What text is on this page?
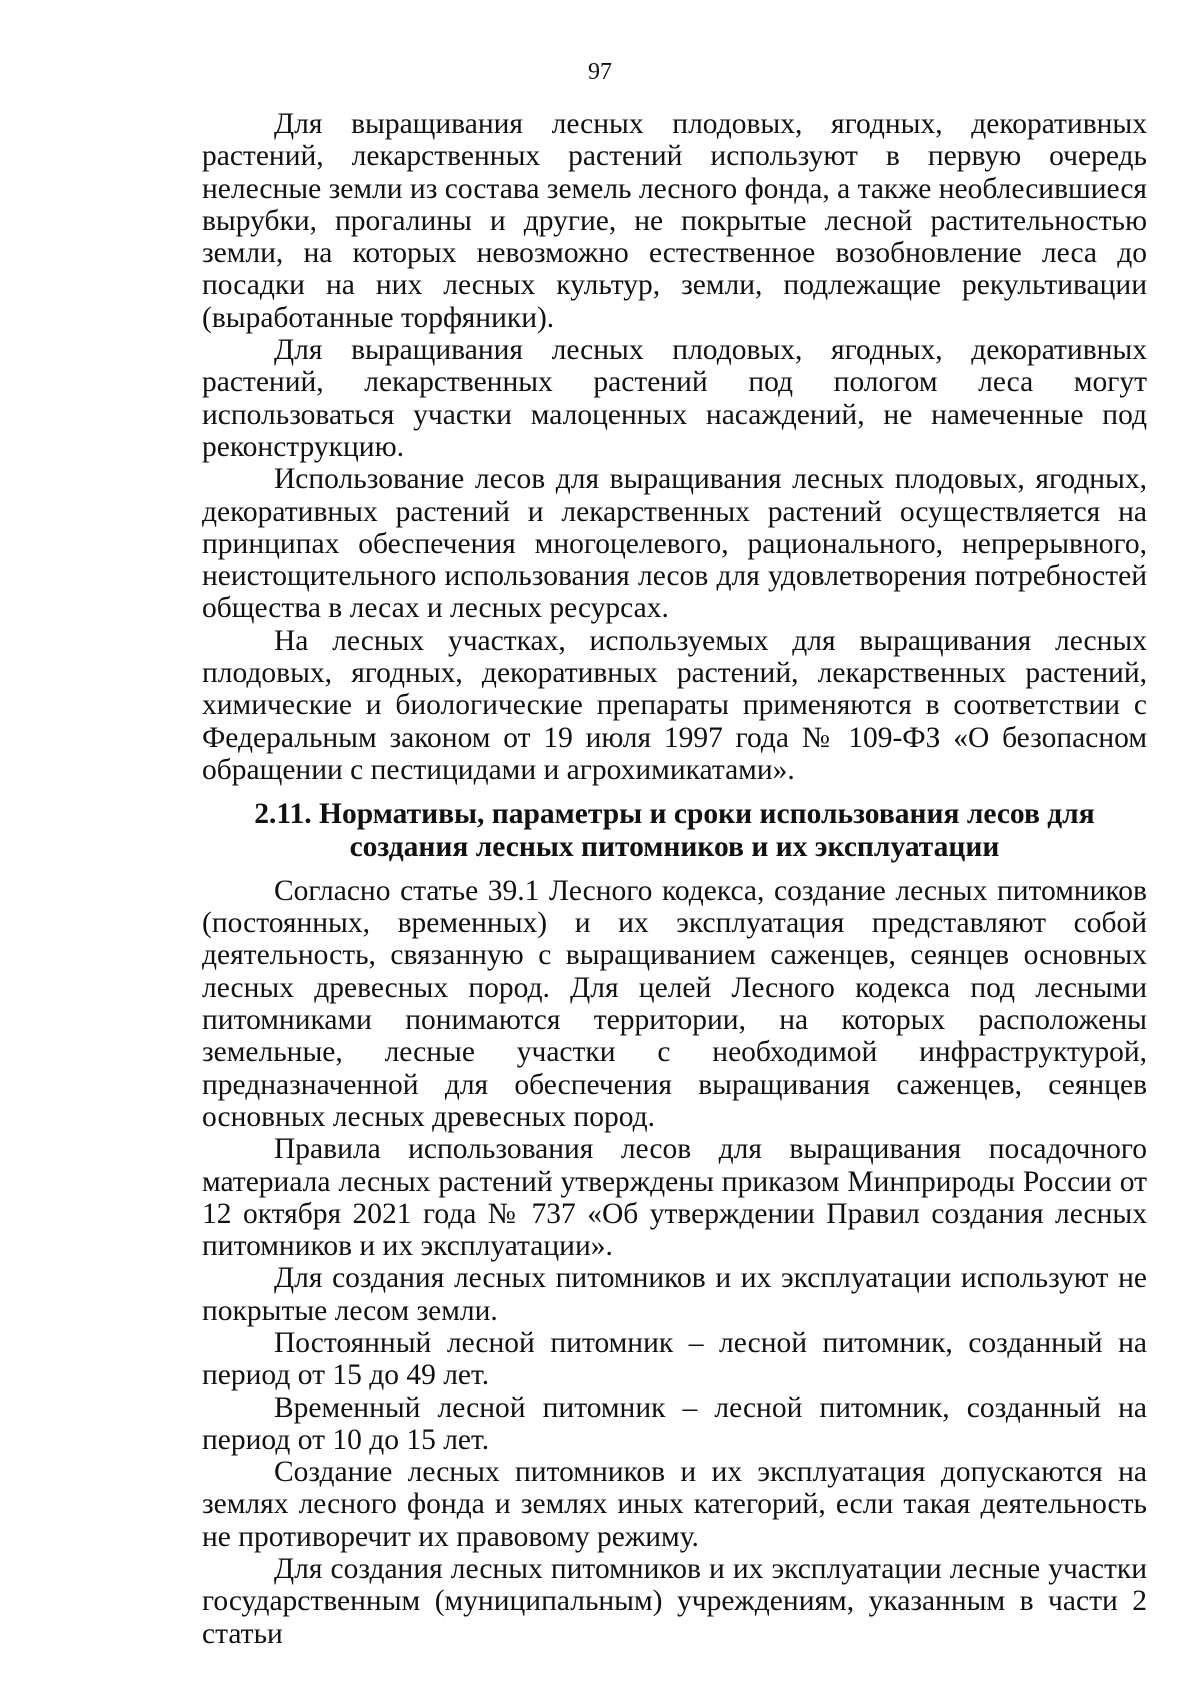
97

Для выращивания лесных плодовых, ягодных, декоративных растений, лекарственных растений используют в первую очередь нелесные земли из состава земель лесного фонда, а также необлесившиеся вырубки, прогалины и другие, не покрытые лесной растительностью земли, на которых невозможно естественное возобновление леса до посадки на них лесных культур, земли, подлежащие рекультивации (выработанные торфяники).

Для выращивания лесных плодовых, ягодных, декоративных растений, лекарственных растений под пологом леса могут использоваться участки малоценных насаждений, не намеченные под реконструкцию.

Использование лесов для выращивания лесных плодовых, ягодных, декоративных растений и лекарственных растений осуществляется на принципах обеспечения многоцелевого, рационального, непрерывного, неистощительного использования лесов для удовлетворения потребностей общества в лесах и лесных ресурсах.

На лесных участках, используемых для выращивания лесных плодовых, ягодных, декоративных растений, лекарственных растений, химические и биологические препараты применяются в соответствии с Федеральным законом от 19 июля 1997 года № 109-ФЗ «О безопасном обращении с пестицидами и агрохимикатами».

2.11. Нормативы, параметры и сроки использования лесов для создания лесных питомников и их эксплуатации

Согласно статье 39.1 Лесного кодекса, создание лесных питомников (постоянных, временных) и их эксплуатация представляют собой деятельность, связанную с выращиванием саженцев, сеянцев основных лесных древесных пород. Для целей Лесного кодекса под лесными питомниками понимаются территории, на которых расположены земельные, лесные участки с необходимой инфраструктурой, предназначенной для обеспечения выращивания саженцев, сеянцев основных лесных древесных пород.

Правила использования лесов для выращивания посадочного материала лесных растений утверждены приказом Минприроды России от 12 октября 2021 года № 737 «Об утверждении Правил создания лесных питомников и их эксплуатации».

Для создания лесных питомников и их эксплуатации используют не покрытые лесом земли.

Постоянный лесной питомник – лесной питомник, созданный на период от 15 до 49 лет.

Временный лесной питомник – лесной питомник, созданный на период от 10 до 15 лет.

Создание лесных питомников и их эксплуатация допускаются на землях лесного фонда и землях иных категорий, если такая деятельность не противоречит их правовому режиму.

Для создания лесных питомников и их эксплуатации лесные участки государственным (муниципальным) учреждениям, указанным в части 2 статьи
